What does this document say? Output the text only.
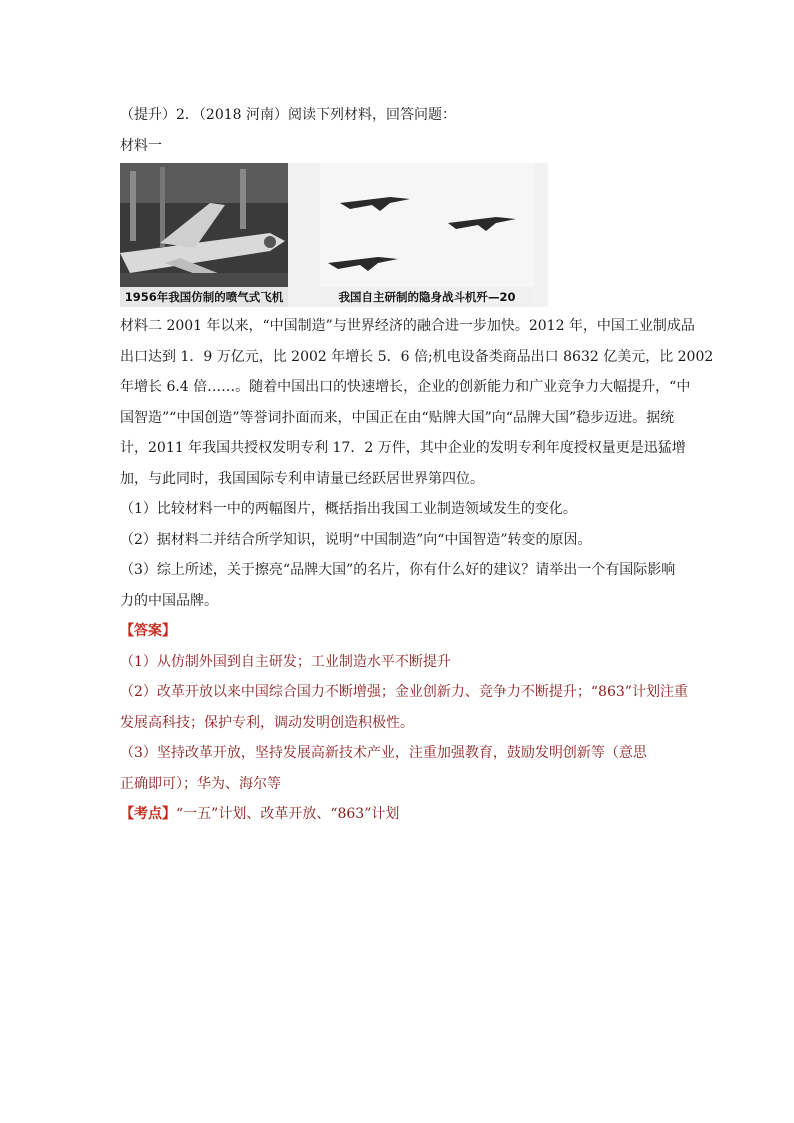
（提升）2．（2018 河南）阅读下列材料，回答问题：

材料一

1956年我国仿制的喷气式飞机	我国自主研制的隐身战斗机歼—20

材料二 2001 年以来，“中国制造”与世界经济的融合进一步加快。2012 年，中国工业制成品

出口达到 1．9 万亿元，比 2002 年增长 5．6 倍;机电设备类商品出口 8632 亿美元，比 2002

年增长 6.4 倍……。随着中国出口的快速增长，企业的创新能力和广业竞争力大幅提升，“中

国智造”“中国创造”等誉词扑面而来，中国正在由“贴牌大国”向“品牌大国”稳步迈进。据统

计，2011 年我国共授权发明专利 17．2 万件，其中企业的发明专利年度授权量更是迅猛增

加，与此同时，我国国际专利申请量已经跃居世界第四位。

（1）比较材料一中的两幅图片，概括指出我国工业制造领域发生的变化。

（2）据材料二并结合所学知识，说明“中国制造”向“中国智造”转变的原因。

（3）综上所述，关于擦亮“品牌大国”的名片，你有什么好的建议？请举出一个有国际影响

力的中国品牌。

【答案】

（1）从仿制外国到自主研发；工业制造水平不断提升

（2）改革开放以来中国综合国力不断增强；金业创新力、竞争力不断提升；“863”计划注重

发展高科技；保护专利，调动发明创造积极性。

（3）坚持改革开放，坚持发展高新技术产业，注重加强教育，鼓励发明创新等（意思

正确即可）；华为、海尔等

【考点】“一五”计划、改革开放、“863”计划
